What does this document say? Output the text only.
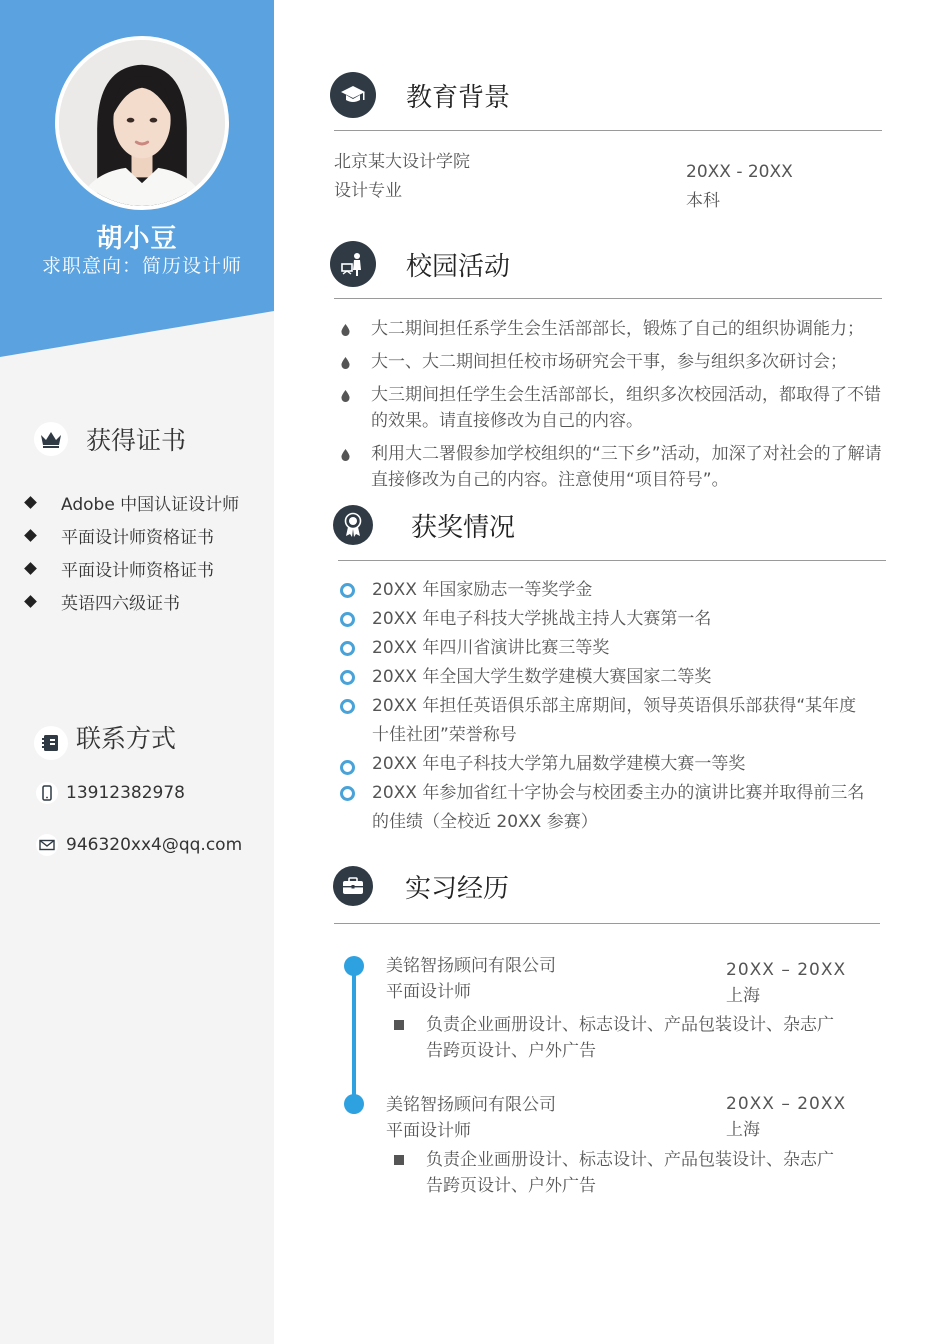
胡小豆
求职意向：简历设计师
获得证书
Adobe 中国认证设计师
平面设计师资格证书
平面设计师资格证书
英语四六级证书
联系方式
13912382978
946320xx4@qq.com
教育背景
北京某大设计学院
设计专业
20XX - 20XX
本科
校园活动
大二期间担任系学生会生活部部长，锻炼了自己的组织协调能力；
大一、大二期间担任校市场研究会干事，参与组织多次研讨会；
大三期间担任学生会生活部部长，组织多次校园活动，都取得了不错的效果。请直接修改为自己的内容。
利用大二署假参加学校组织的“三下乡”活动，加深了对社会的了解请直接修改为自己的内容。注意使用“项目符号”。
获奖情况
20XX 年国家励志一等奖学金
20XX 年电子科技大学挑战主持人大赛第一名
20XX 年四川省演讲比赛三等奖
20XX 年全国大学生数学建模大赛国家二等奖
20XX 年担任英语俱乐部主席期间，领导英语俱乐部获得“某年度十佳社团”荣誉称号
20XX 年电子科技大学第九届数学建模大赛一等奖
20XX 年参加省红十字协会与校团委主办的演讲比赛并取得前三名的佳绩（全校近 20XX 参赛）
实习经历
美铭智扬顾问有限公司
平面设计师
20XX – 20XX
上海
负责企业画册设计、标志设计、产品包装设计、杂志广告跨页设计、户外广告
美铭智扬顾问有限公司
平面设计师
20XX – 20XX
上海
负责企业画册设计、标志设计、产品包装设计、杂志广告跨页设计、户外广告
